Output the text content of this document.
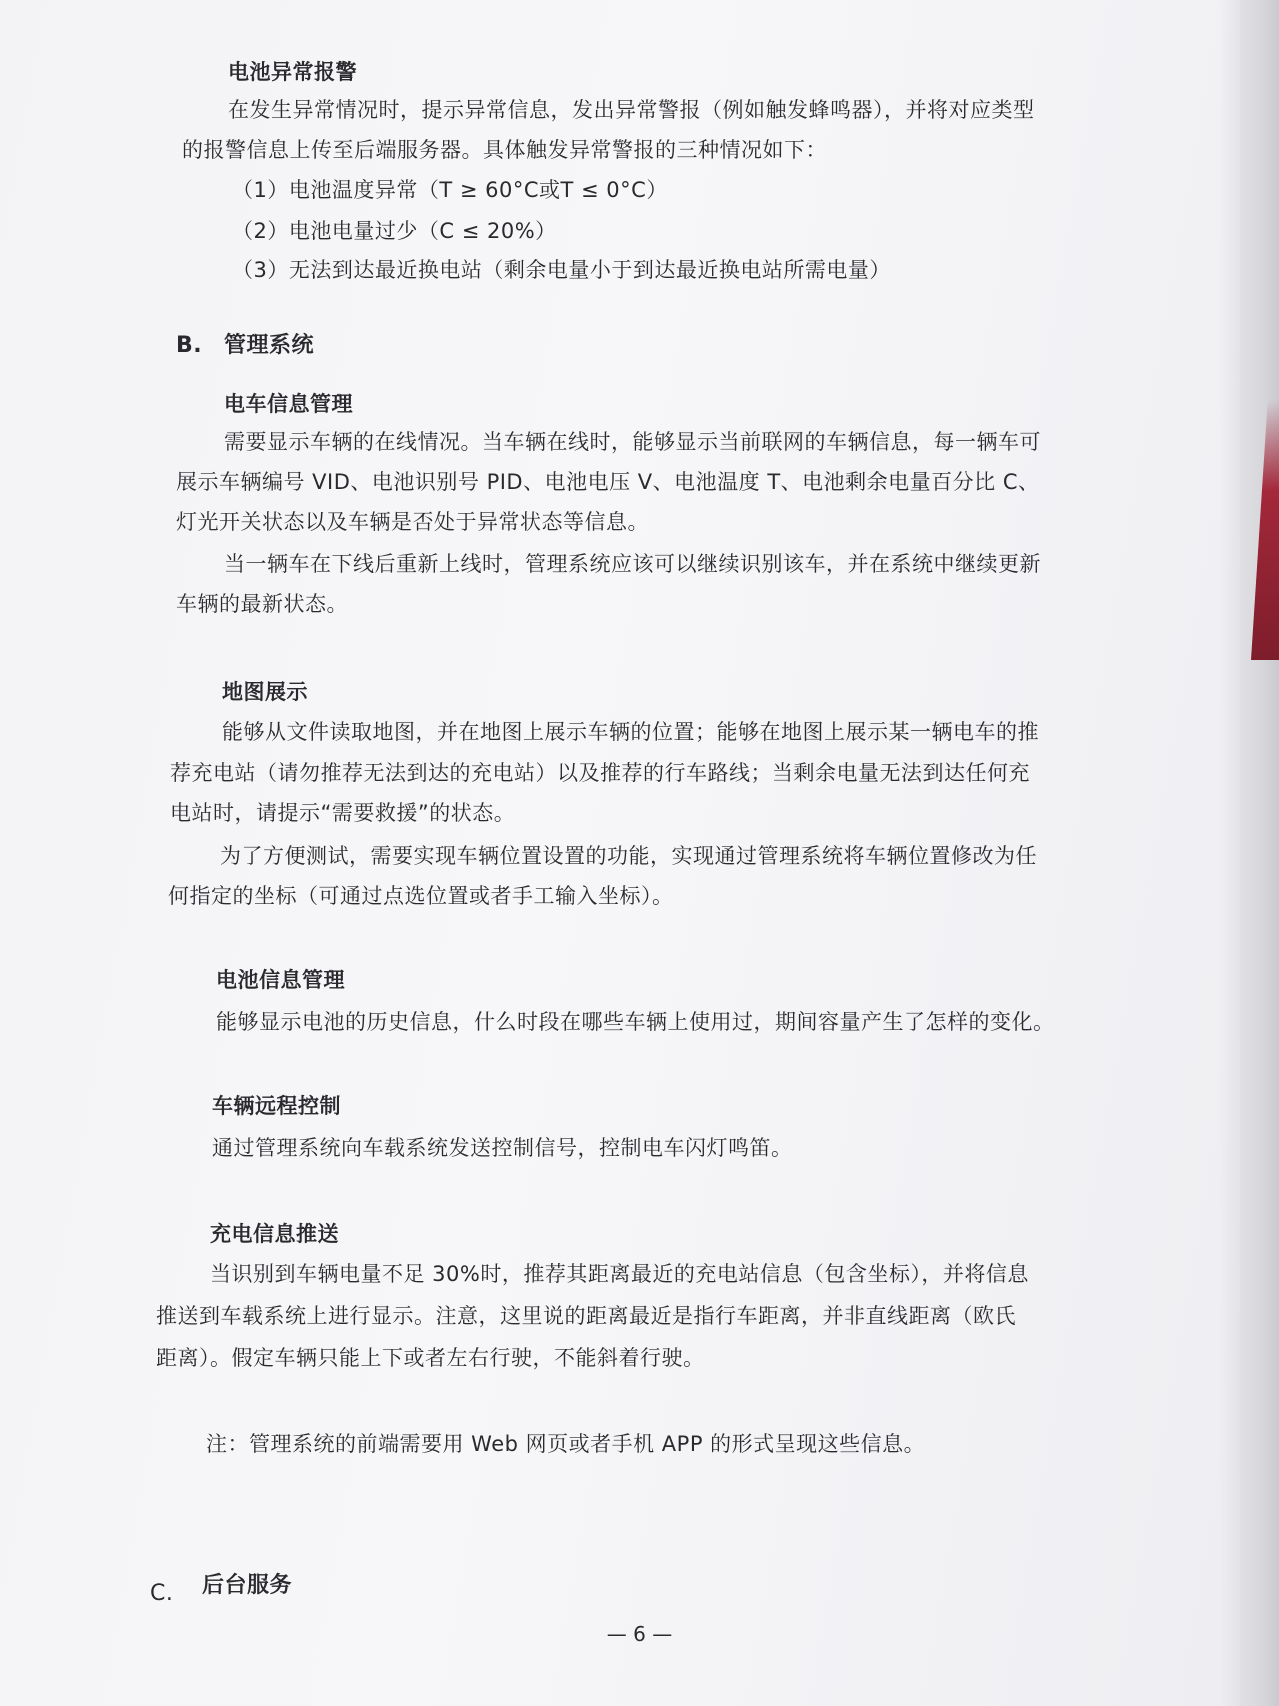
电池异常报警
在发生异常情况时，提示异常信息，发出异常警报（例如触发蜂鸣器），并将对应类型
的报警信息上传至后端服务器。具体触发异常警报的三种情况如下：
（1）电池温度异常（T ≥ 60°C或T ≤ 0°C）
（2）电池电量过少（C ≤ 20%）
（3）无法到达最近换电站（剩余电量小于到达最近换电站所需电量）
B. 管理系统
电车信息管理
需要显示车辆的在线情况。当车辆在线时，能够显示当前联网的车辆信息，每一辆车可
展示车辆编号 VID、电池识别号 PID、电池电压 V、电池温度 T、电池剩余电量百分比 C、
灯光开关状态以及车辆是否处于异常状态等信息。
当一辆车在下线后重新上线时，管理系统应该可以继续识别该车，并在系统中继续更新
车辆的最新状态。
地图展示
能够从文件读取地图，并在地图上展示车辆的位置；能够在地图上展示某一辆电车的推
荐充电站（请勿推荐无法到达的充电站）以及推荐的行车路线；当剩余电量无法到达任何充
电站时，请提示“需要救援”的状态。
为了方便测试，需要实现车辆位置设置的功能，实现通过管理系统将车辆位置修改为任
何指定的坐标（可通过点选位置或者手工输入坐标）。
电池信息管理
能够显示电池的历史信息，什么时段在哪些车辆上使用过，期间容量产生了怎样的变化。
车辆远程控制
通过管理系统向车载系统发送控制信号，控制电车闪灯鸣笛。
充电信息推送
当识别到车辆电量不足 30%时，推荐其距离最近的充电站信息（包含坐标），并将信息
推送到车载系统上进行显示。注意，这里说的距离最近是指行车距离，并非直线距离（欧氏
距离）。假定车辆只能上下或者左右行驶，不能斜着行驶。
注：管理系统的前端需要用 Web 网页或者手机 APP 的形式呈现这些信息。
C. 后台服务
— 6 —
